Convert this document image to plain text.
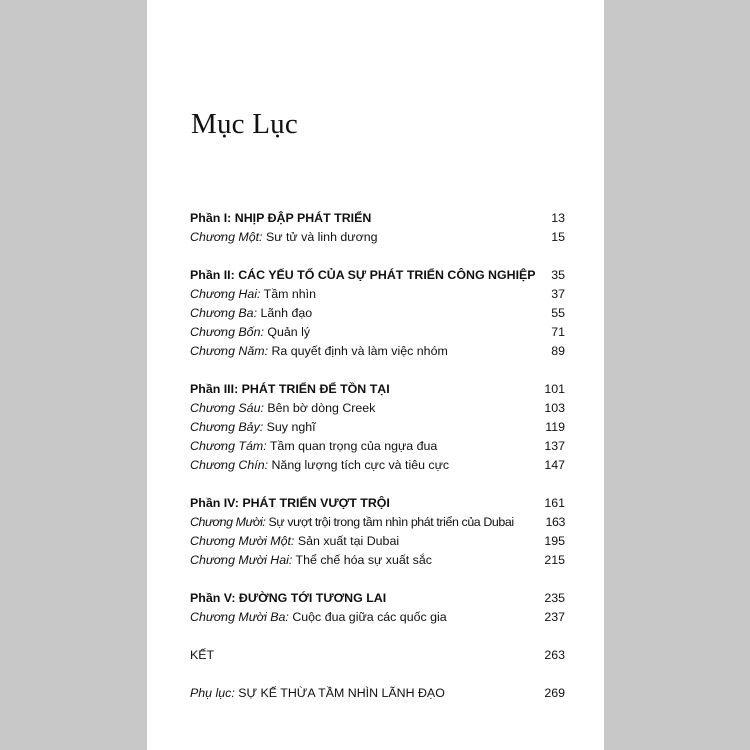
Mục Lục
Phần I: NHỊP ĐẬP PHÁT TRIỂN	13
Chương Một: Sư tử và linh dương	15
Phần II: CÁC YẾU TỐ CỦA SỰ PHÁT TRIỂN CÔNG NGHIỆP 35
Chương Hai: Tầm nhìn	37
Chương Ba: Lãnh đạo	55
Chương Bốn: Quản lý	71
Chương Năm: Ra quyết định và làm việc nhóm	89
Phần III: PHÁT TRIỂN ĐỂ TỒN TẠI	101
Chương Sáu: Bên bờ dòng Creek	103
Chương Bảy: Suy nghĩ	119
Chương Tám: Tầm quan trọng của ngựa đua	137
Chương Chín: Năng lượng tích cực và tiêu cực	147
Phần IV: PHÁT TRIỂN VƯỢT TRỘI	161
Chương Mười: Sự vượt trội trong tầm nhìn phát triển của Dubai	163
Chương Mười Một: Sản xuất tại Dubai	195
Chương Mười Hai: Thể chế hóa sự xuất sắc	215
Phần V: ĐƯỜNG TỚI TƯƠNG LAI	235
Chương Mười Ba: Cuộc đua giữa các quốc gia	237
KẾT	263
Phụ lục: SỰ KẾ THỪA TẦM NHÌN LÃNH ĐẠO	269
